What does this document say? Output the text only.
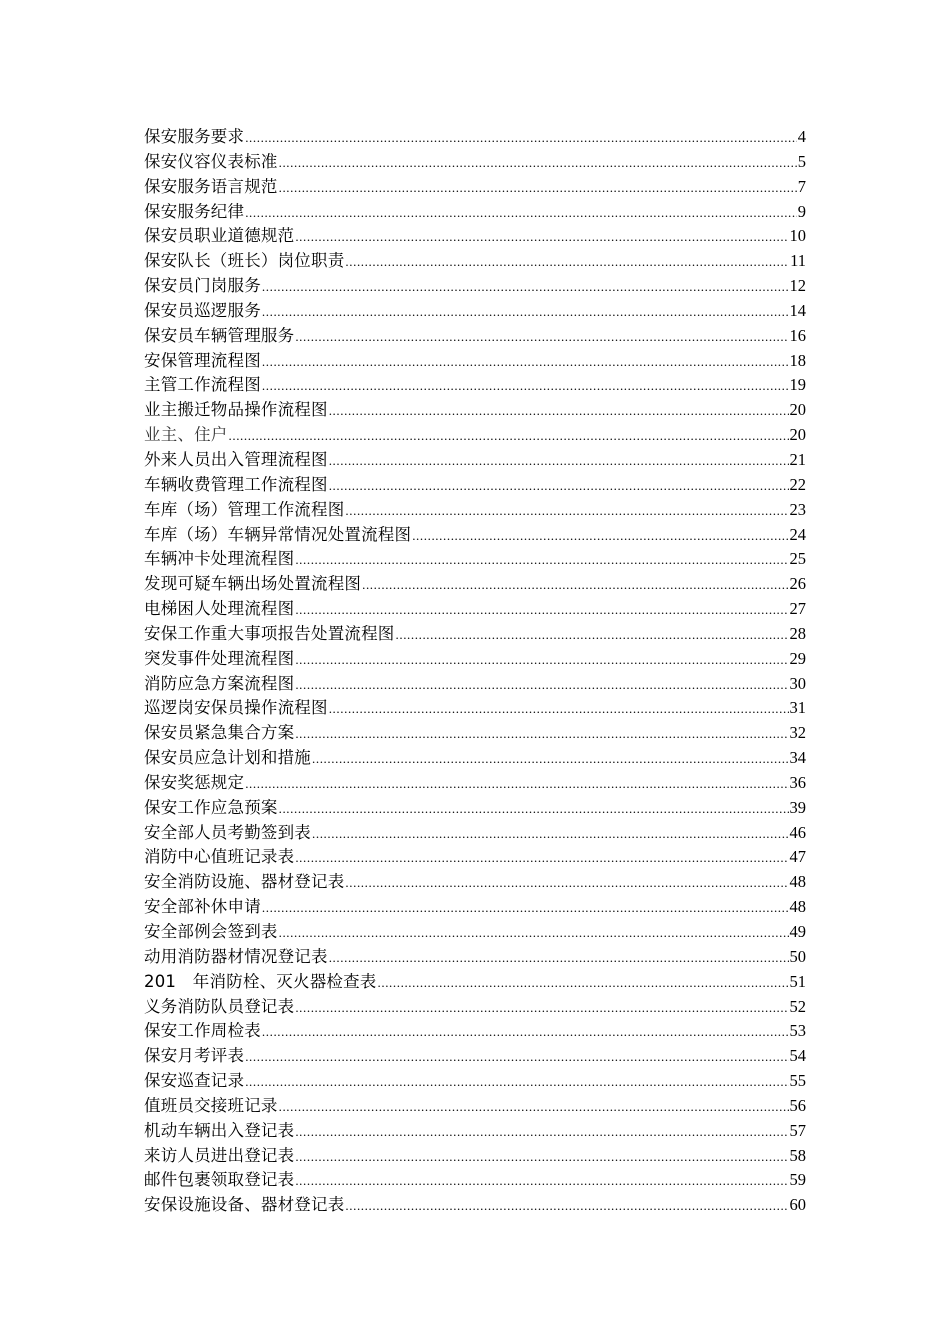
保安服务要求 .....	4
保安仪容仪表标准 .....	5
保安服务语言规范 .....	7
保安服务纪律 .....	9
保安员职业道德规范 .....	10
保安队长（班长）岗位职责 .....	11
保安员门岗服务 .....	12
保安员巡逻服务 .....	14
保安员车辆管理服务 .....	16
安保管理流程图 .....	18
主管工作流程图 .....	19
业主搬迁物品操作流程图 .....	20
业主、住户 .....	20
外来人员出入管理流程图 .....	21
车辆收费管理工作流程图 .....	22
车库（场）管理工作流程图 .....	23
车库（场）车辆异常情况处置流程图 .....	24
车辆冲卡处理流程图 .....	25
发现可疑车辆出场处置流程图 .....	26
电梯困人处理流程图 .....	27
安保工作重大事项报告处置流程图 .....	28
突发事件处理流程图 .....	29
消防应急方案流程图 .....	30
巡逻岗安保员操作流程图 .....	31
保安员紧急集合方案 .....	32
保安员应急计划和措施 .....	34
保安奖惩规定 .....	36
保安工作应急预案 .....	39
安全部人员考勤签到表 .....	46
消防中心值班记录表 .....	47
安全消防设施、器材登记表 .....	48
安全部补休申请 .....	48
安全部例会签到表 .....	49
动用消防器材情况登记表 .....	50
201　年消防栓、灭火器检查表 .....	51
义务消防队员登记表 .....	52
保安工作周检表 .....	53
保安月考评表 .....	54
保安巡查记录 .....	55
值班员交接班记录 .....	56
机动车辆出入登记表 .....	57
来访人员进出登记表 .....	58
邮件包裹领取登记表 .....	59
安保设施设备、器材登记表 .....	60
